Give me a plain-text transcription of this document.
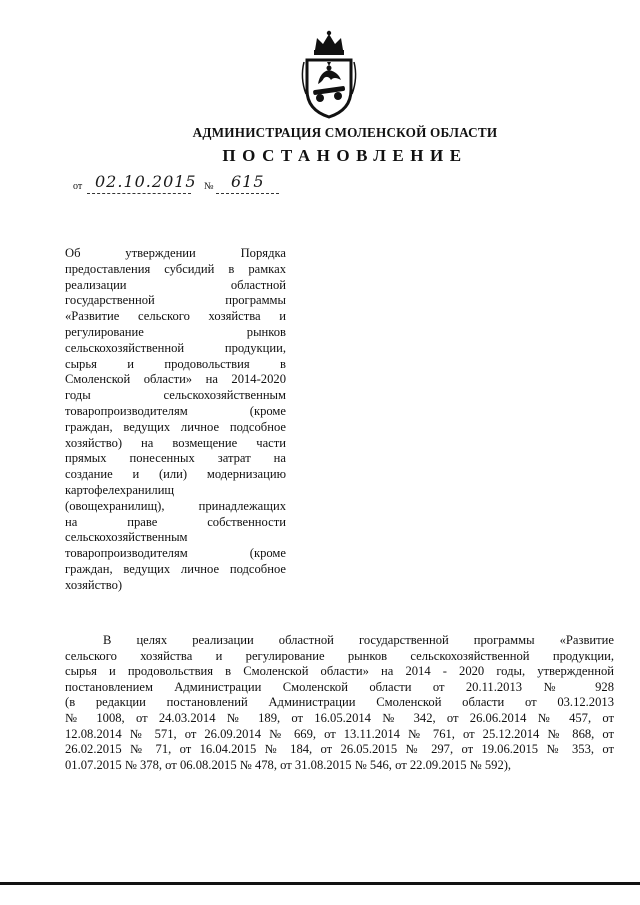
АДМИНИСТРАЦИЯ СМОЛЕНСКОЙ ОБЛАСТИ
ПОСТАНОВЛЕНИЕ
от 02.10.2015 № 615
Об утверждении Порядка
предоставления субсидий в рамках
реализации областной
государственной программы
«Развитие сельского хозяйства и
регулирование рынков
сельскохозяйственной продукции,
сырья и продовольствия в
Смоленской области» на 2014-2020
годы сельскохозяйственным
товаропроизводителям (кроме
граждан, ведущих личное подсобное
хозяйство) на возмещение части
прямых понесенных затрат на
создание и (или) модернизацию
картофелехранилищ
(овощехранилищ), принадлежащих
на праве собственности
сельскохозяйственным
товаропроизводителям (кроме
граждан, ведущих личное подсобное
хозяйство)
В целях реализации областной государственной программы «Развитие
сельского хозяйства и регулирование рынков сельскохозяйственной продукции,
сырья и продовольствия в Смоленской области» на 2014 - 2020 годы, утвержденной
постановлением Администрации Смоленской области от 20.11.2013 № 928
(в редакции постановлений Администрации Смоленской области от 03.12.2013
№ 1008, от 24.03.2014 № 189, от 16.05.2014 № 342, от 26.06.2014 № 457, от
12.08.2014 № 571, от 26.09.2014 № 669, от 13.11.2014 № 761, от 25.12.2014 № 868, от
26.02.2015 № 71, от 16.04.2015 № 184, от 26.05.2015 № 297, от 19.06.2015 № 353, от
01.07.2015 № 378, от 06.08.2015 № 478, от 31.08.2015 № 546, от 22.09.2015 № 592),
